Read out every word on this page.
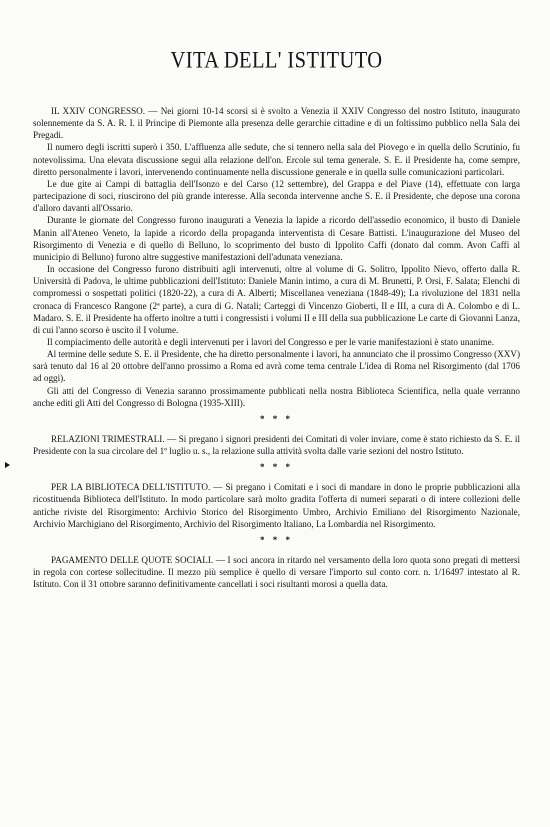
VITA DELL' ISTITUTO

IL XXIV CONGRESSO. — Nei giorni 10-14 scorsi si è svolto a Venezia il XXIV Congresso del nostro Istituto, inaugurato solennemente da S. A. R. I. il Principe di Piemonte alla presenza delle gerarchie cittadine e di un foltissimo pubblico nella Sala dei Pregadi.

Il numero degli iscritti superò i 350. L'affluenza alle sedute, che si tennero nella sala del Piovego e in quella dello Scrutinio, fu notevolissima. Una elevata discussione seguì alla relazione dell'on. Ercole sul tema generale. S. E. il Presidente ha, come sempre, diretto personalmente i lavori, intervenendo continuamente nella discussione generale e in quella sulle comunicazioni particolari.

Le due gite ai Campi di battaglia dell'Isonzo e del Carso (12 settembre), del Grappa e del Piave (14), effettuate con larga partecipazione di soci, riuscirono del più grande interesse. Alla seconda intervenne anche S. E. il Presidente, che depose una corona d'alloro davanti all'Ossario.

Durante le giornate del Congresso furono inaugurati a Venezia la lapide a ricordo dell'assedio economico, il busto di Daniele Manin all'Ateneo Veneto, la lapide a ricordo della propaganda interventista di Cesare Battisti. L'inaugurazione del Museo del Risorgimento di Venezia e di quello di Belluno, lo scoprimento del busto di Ippolito Caffi (donato dal comm. Avon Caffi al municipio di Belluno) furono altre suggestive manifestazioni dell'adunata veneziana.

In occasione del Congresso furono distribuiti agli intervenuti, oltre al volume di G. Solitro, Ippolito Nievo, offerto dalla R. Università di Padova, le ultime pubblicazioni dell'Istituto: Daniele Manin intimo, a cura di M. Brunetti, P. Orsi, F. Salata; Elenchi di compromessi o sospettati politici (1820-22), a cura di A. Alberti; Miscellanea veneziana (1848-49); La rivoluzione del 1831 nella cronaca di Francesco Rangone (2ª parte), a cura di G. Natali; Carteggi di Vincenzo Gioberti, II e III, a cura di A. Colombo e di L. Madaro. S. E. il Presidente ha offerto inoltre a tutti i congressisti i volumi II e III della sua pubblicazione Le carte di Giovanni Lanza, di cui l'anno scorso è uscito il I volume.

Il compiacimento delle autorità e degli intervenuti per i lavori del Congresso e per le varie manifestazioni è stato unanime.

Al termine delle sedute S. E. il Presidente, che ha diretto personalmente i lavori, ha annunciato che il prossimo Congresso (XXV) sarà tenuto dal 16 al 20 ottobre dell'anno prossimo a Roma ed avrà come tema centrale L'idea di Roma nel Risorgimento (dal 1706 ad oggi).

Gli atti del Congresso di Venezia saranno prossimamente pubblicati nella nostra Biblioteca Scientifica, nella quale verranno anche editi gli Atti del Congresso di Bologna (1935-XIII).

* * *

RELAZIONI TRIMESTRALI. — Si pregano i signori presidenti dei Comitati di voler inviare, come è stato richiesto da S. E. il Presidente con la sua circolare del 1º luglio u. s., la relazione sulla attività svolta dalle varie sezioni del nostro Istituto.

* * *

PER LA BIBLIOTECA DELL'ISTITUTO. — Si pregano i Comitati e i soci di mandare in dono le proprie pubblicazioni alla ricostituenda Biblioteca dell'Istituto. In modo particolare sarà molto gradita l'offerta di numeri separati o di intere collezioni delle antiche riviste del Risorgimento: Archivio Storico del Risorgimento Umbro, Archivio Emiliano del Risorgimento Nazionale, Archivio Marchigiano del Risorgimento, Archivio del Risorgimento Italiano, La Lombardia nel Risorgimento.

* * *

PAGAMENTO DELLE QUOTE SOCIALI. — I soci ancora in ritardo nel versamento della loro quota sono pregati di mettersi in regola con cortese sollecitudine. Il mezzo più semplice è quello di versare l'importo sul conto corr. n. 1/16497 intestato al R. Istituto. Con il 31 ottobre saranno definitivamente cancellati i soci risultanti morosi a quella data.
